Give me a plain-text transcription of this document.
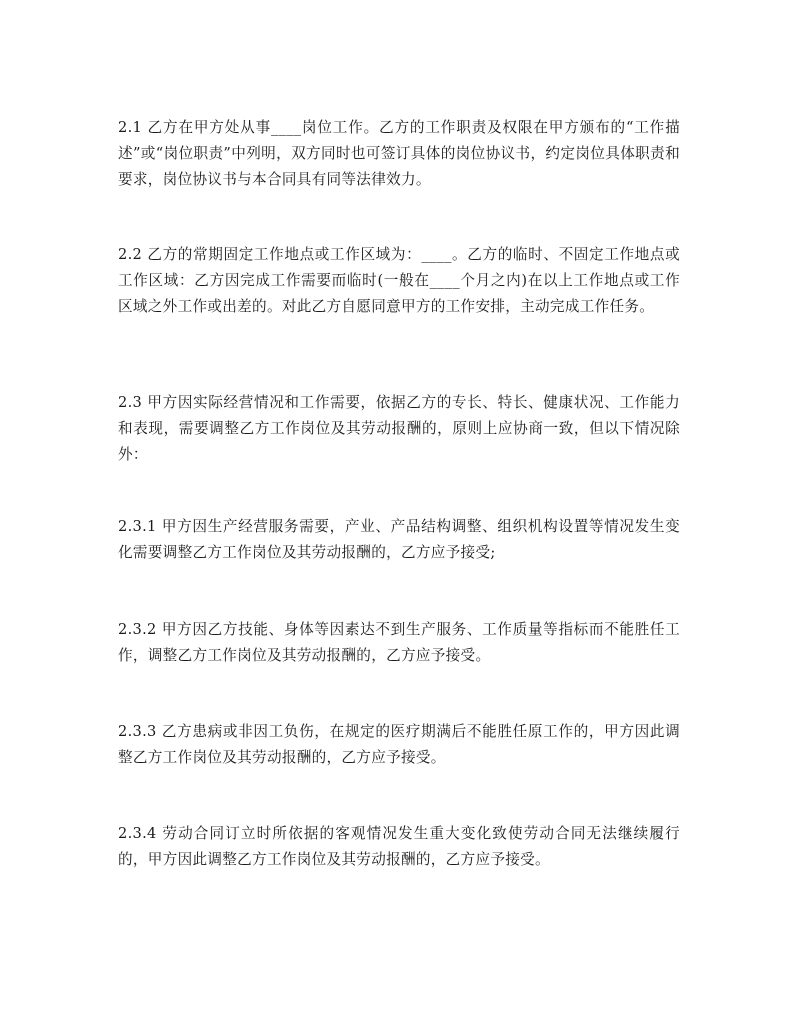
2.1 乙方在甲方处从事____岗位工作。乙方的工作职责及权限在甲方颁布的“工作描述”或“岗位职责”中列明，双方同时也可签订具体的岗位协议书，约定岗位具体职责和要求，岗位协议书与本合同具有同等法律效力。

2.2 乙方的常期固定工作地点或工作区域为：____。乙方的临时、不固定工作地点或工作区域：乙方因完成工作需要而临时(一般在____个月之内)在以上工作地点或工作区域之外工作或出差的。对此乙方自愿同意甲方的工作安排，主动完成工作任务。

2.3 甲方因实际经营情况和工作需要，依据乙方的专长、特长、健康状况、工作能力和表现，需要调整乙方工作岗位及其劳动报酬的，原则上应协商一致，但以下情况除外：

2.3.1 甲方因生产经营服务需要，产业、产品结构调整、组织机构设置等情况发生变化需要调整乙方工作岗位及其劳动报酬的，乙方应予接受;

2.3.2 甲方因乙方技能、身体等因素达不到生产服务、工作质量等指标而不能胜任工作，调整乙方工作岗位及其劳动报酬的，乙方应予接受。

2.3.3 乙方患病或非因工负伤，在规定的医疗期满后不能胜任原工作的，甲方因此调整乙方工作岗位及其劳动报酬的，乙方应予接受。

2.3.4 劳动合同订立时所依据的客观情况发生重大变化致使劳动合同无法继续履行的，甲方因此调整乙方工作岗位及其劳动报酬的，乙方应予接受。
